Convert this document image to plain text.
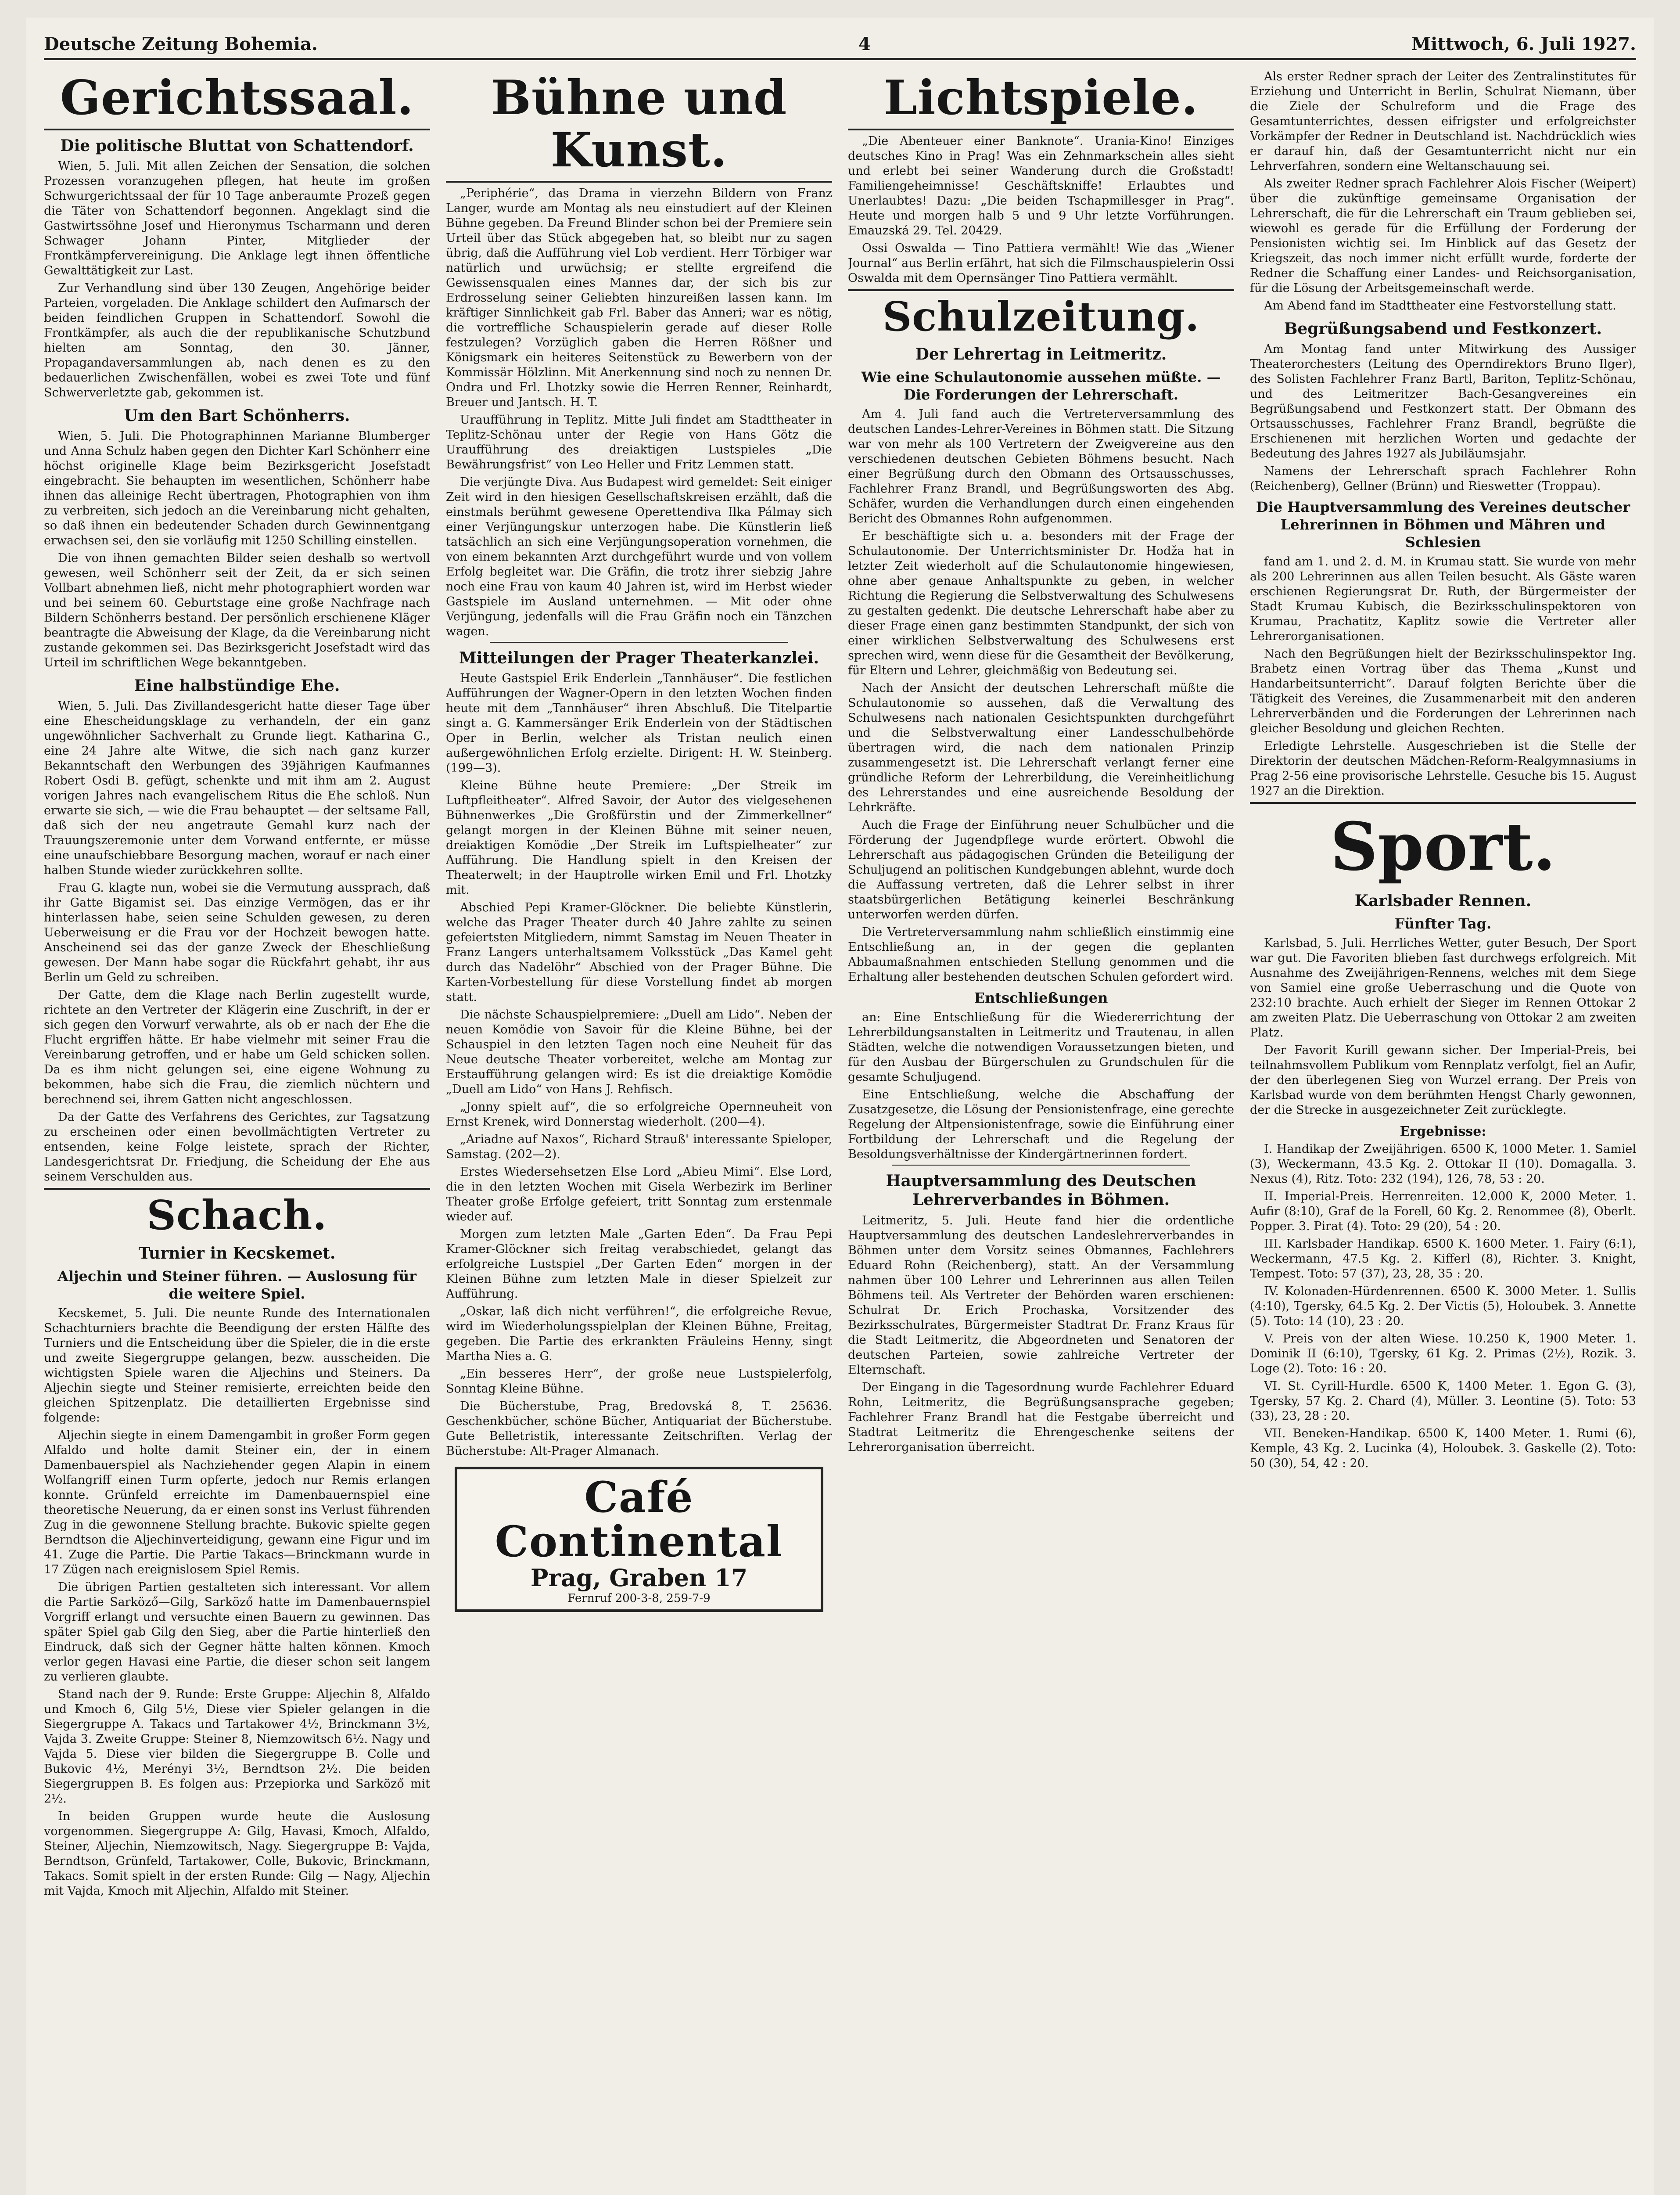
Deutsche Zeitung Bohemia.	4	Mittwoch, 6. Juli 1927.
Gerichtssaal.
Die politische Bluttat von Schattendorf.

Wien, 5. Juli. Mit allen Zeichen der Sensation, die solchen Prozessen voranzugehen pflegen, hat heute im großen Schwurgerichtssaal der für 10 Tage anberaumte Prozeß gegen die Täter von Schattendorf begonnen. Angeklagt sind die Gastwirtssöhne Josef und Hieronymus Tscharmann und deren Schwager Johann Pinter, Mitglieder der Frontkämpfervereinigung. Die Anklage legt ihnen öffentliche Gewalttätigkeit zur Last.

Zur Verhandlung sind über 130 Zeugen, Angehörige beider Parteien, vorgeladen. Die Anklage schildert den Aufmarsch der beiden feindlichen Gruppen in Schattendorf. Sowohl die Frontkämpfer, als auch die der republikanische Schutzbund hielten am Sonntag, den 30. Jänner, Propagandaversammlungen ab, nach denen es zu den bedauerlichen Zwischenfällen, wobei es zwei Tote und fünf Schwerverletzte gab, gekommen ist.

Um den Bart Schönherrs.

Wien, 5. Juli. Die Photographinnen Marianne Blumberger und Anna Schulz haben gegen den Dichter Karl Schönherr eine höchst originelle Klage beim Bezirksgericht Josefstadt eingebracht. Sie behaupten im wesentlichen, Schönherr habe ihnen das alleinige Recht übertragen, Photographien von ihm zu verbreiten, sich jedoch an die Vereinbarung nicht gehalten, so daß ihnen ein bedeutender Schaden durch Gewinnentgang erwachsen sei, den sie vorläufig mit 1250 Schilling einstellen.

Die von ihnen gemachten Bilder seien deshalb so wertvoll gewesen, weil Schönherr seit der Zeit, da er sich seinen Vollbart abnehmen ließ, nicht mehr photographiert worden war und bei seinem 60. Geburtstage eine große Nachfrage nach Bildern Schönherrs bestand. Der persönlich erschienene Kläger beantragte die Abweisung der Klage, da die Vereinbarung nicht zustande gekommen sei. Das Bezirksgericht Josefstadt wird das Urteil im schriftlichen Wege bekanntgeben.

Eine halbstündige Ehe.

Wien, 5. Juli. Das Zivillandesgericht hatte dieser Tage über eine Ehescheidungsklage zu verhandeln, der ein ganz ungewöhnlicher Sachverhalt zu Grunde liegt. Katharina G., eine 24 Jahre alte Witwe, die sich nach ganz kurzer Bekanntschaft den Werbungen des 39jährigen Kaufmannes Robert Osdi B. gefügt, schenkte und mit ihm am 2. August vorigen Jahres nach evangelischem Ritus die Ehe schloß. Nun erwarte sie sich, — wie die Frau behauptet — der seltsame Fall, daß sich der neu angetraute Gemahl kurz nach der Trauungszeremonie unter dem Vorwand entfernte, er müsse eine unaufschiebbare Besorgung machen, worauf er nach einer halben Stunde wieder zurückkehren sollte.

Frau G. klagte nun, wobei sie die Vermutung aussprach, daß ihr Gatte Bigamist sei. Das einzige Vermögen, das er ihr hinterlassen habe, seien seine Schulden gewesen, zu deren Ueberweisung er die Frau vor der Hochzeit bewogen hatte. Anscheinend sei das der ganze Zweck der Eheschließung gewesen. Der Mann habe sogar die Rückfahrt gehabt, ihr aus Berlin um Geld zu schreiben.

Der Gatte, dem die Klage nach Berlin zugestellt wurde, richtete an den Vertreter der Klägerin eine Zuschrift, in der er sich gegen den Vorwurf verwahrte, als ob er nach der Ehe die Flucht ergriffen hätte. Er habe vielmehr mit seiner Frau die Vereinbarung getroffen, und er habe um Geld schicken sollen. Da es ihm nicht gelungen sei, eine eigene Wohnung zu bekommen, habe sich die Frau, die ziemlich nüchtern und berechnend sei, ihrem Gatten nicht angeschlossen.

Da der Gatte des Verfahrens des Gerichtes, zur Tagsatzung zu erscheinen oder einen bevollmächtigten Vertreter zu entsenden, keine Folge leistete, sprach der Richter, Landesgerichtsrat Dr. Friedjung, die Scheidung der Ehe aus seinem Verschulden aus.

Schach.
Turnier in Kecskemet.
Aljechin und Steiner führen. — Auslosung für die weitere Spiel.

Kecskemet, 5. Juli. Die neunte Runde des Internationalen Schachturniers brachte die Beendigung der ersten Hälfte des Turniers und die Entscheidung über die Spieler, die in die erste und zweite Siegergruppe gelangen, bezw. ausscheiden. Die wichtigsten Spiele waren die Aljechins und Steiners. Da Aljechin siegte und Steiner remisierte, erreichten beide den gleichen Spitzenplatz. Die detaillierten Ergebnisse sind folgende:

Aljechin siegte in einem Damengambit in großer Form gegen Alfaldo und holte damit Steiner ein, der in einem Damenbauerspiel als Nachziehender gegen Alapin in einem Wolfangriff einen Turm opferte, jedoch nur Remis erlangen konnte. Grünfeld erreichte im Damenbauernspiel eine theoretische Neuerung, da er einen sonst ins Verlust führenden Zug in die gewonnene Stellung brachte. Bukovic spielte gegen Berndtson die Aljechinverteidigung, gewann eine Figur und im 41. Zuge die Partie. Die Partie Takacs—Brinckmann wurde in 17 Zügen nach ereignislosem Spiel Remis.

Die übrigen Partien gestalteten sich interessant. Vor allem die Partie Sarköző—Gilg, Sarköző hatte im Damenbauernspiel Vorgriff erlangt und versuchte einen Bauern zu gewinnen. Das später Spiel gab Gilg den Sieg, aber die Partie hinterließ den Eindruck, daß sich der Gegner hätte halten können. Kmoch verlor gegen Havasi eine Partie, die dieser schon seit langem zu verlieren glaubte.

Stand nach der 9. Runde: Erste Gruppe: Aljechin 8, Alfaldo und Kmoch 6, Gilg 5½, Diese vier Spieler gelangen in die Siegergruppe A. Takacs und Tartakower 4½, Brinckmann 3½, Vajda 3. Zweite Gruppe: Steiner 8, Niemzowitsch 6½. Nagy und Vajda 5. Diese vier bilden die Siegergruppe B. Colle und Bukovic 4½, Merényi 3½, Berndtson 2½. Die beiden Siegergruppen B. Es folgen aus: Przepiorka und Sarköző mit 2½.

In beiden Gruppen wurde heute die Auslosung vorgenommen. Siegergruppe A: Gilg, Havasi, Kmoch, Alfaldo, Steiner, Aljechin, Niemzowitsch, Nagy. Siegergruppe B: Vajda, Berndtson, Grünfeld, Tartakower, Colle, Bukovic, Brinckmann, Takacs. Somit spielt in der ersten Runde: Gilg — Nagy, Aljechin mit Vajda, Kmoch mit Aljechin, Alfaldo mit Steiner.

Bühne und Kunst.

„Periphérie“, das Drama in vierzehn Bildern von Franz Langer, wurde am Montag als neu einstudiert auf der Kleinen Bühne gegeben. Da Freund Blinder schon bei der Premiere sein Urteil über das Stück abgegeben hat, so bleibt nur zu sagen übrig, daß die Aufführung viel Lob verdient. Herr Törbiger war natürlich und urwüchsig; er stellte ergreifend die Gewissensqualen eines Mannes dar, der sich bis zur Erdrosselung seiner Geliebten hinzureißen lassen kann. Im kräftiger Sinnlichkeit gab Frl. Baber das Anneri; war es nötig, die vortreffliche Schauspielerin gerade auf dieser Rolle festzulegen? Vorzüglich gaben die Herren Rößner und Königsmark ein heiteres Seitenstück zu Bewerbern von der Kommissär Hölzlinn. Mit Anerkennung sind noch zu nennen Dr. Ondra und Frl. Lhotzky sowie die Herren Renner, Reinhardt, Breuer und Jantsch. H. T.

Uraufführung in Teplitz. Mitte Juli findet am Stadttheater in Teplitz-Schönau unter der Regie von Hans Götz die Uraufführung des dreiaktigen Lustspieles „Die Bewährungsfrist“ von Leo Heller und Fritz Lemmen statt.

Die verjüngte Diva. Aus Budapest wird gemeldet: Seit einiger Zeit wird in den hiesigen Gesellschaftskreisen erzählt, daß die einstmals berühmt gewesene Operettendiva Ilka Pálmay sich einer Verjüngungskur unterzogen habe. Die Künstlerin ließ tatsächlich an sich eine Verjüngungsoperation vornehmen, die von einem bekannten Arzt durchgeführt wurde und von vollem Erfolg begleitet war. Die Gräfin, die trotz ihrer siebzig Jahre noch eine Frau von kaum 40 Jahren ist, wird im Herbst wieder Gastspiele im Ausland unternehmen. — Mit oder ohne Verjüngung, jedenfalls will die Frau Gräfin noch ein Tänzchen wagen.

Mitteilungen der Prager Theaterkanzlei.

Heute Gastspiel Erik Enderlein „Tannhäuser“. Die festlichen Aufführungen der Wagner-Opern in den letzten Wochen finden heute mit dem „Tannhäuser“ ihren Abschluß. Die Titelpartie singt a. G. Kammersänger Erik Enderlein von der Städtischen Oper in Berlin, welcher als Tristan neulich einen außergewöhnlichen Erfolg erzielte. Dirigent: H. W. Steinberg. (199—3).

Kleine Bühne heute Premiere: „Der Streik im Luftpfleitheater“. Alfred Savoir, der Autor des vielgesehenen Bühnenwerkes „Die Großfürstin und der Zimmerkellner“ gelangt morgen in der Kleinen Bühne mit seiner neuen, dreiaktigen Komödie „Der Streik im Luftspielheater“ zur Aufführung. Die Handlung spielt in den Kreisen der Theaterwelt; in der Hauptrolle wirken Emil und Frl. Lhotzky mit.

Abschied Pepi Kramer-Glöckner. Die beliebte Künstlerin, welche das Prager Theater durch 40 Jahre zahlte zu seinen gefeiertsten Mitgliedern, nimmt Samstag im Neuen Theater in Franz Langers unterhaltsamem Volksstück „Das Kamel geht durch das Nadelöhr“ Abschied von der Prager Bühne. Die Karten-Vorbestellung für diese Vorstellung findet ab morgen statt.

Die nächste Schauspielpremiere: „Duell am Lido“. Neben der neuen Komödie von Savoir für die Kleine Bühne, bei der Schauspiel in den letzten Tagen noch eine Neuheit für das Neue deutsche Theater vorbereitet, welche am Montag zur Erstaufführung gelangen wird: Es ist die dreiaktige Komödie „Duell am Lido“ von Hans J. Rehfisch.

„Jonny spielt auf“, die so erfolgreiche Opernneuheit von Ernst Krenek, wird Donnerstag wiederholt. (200—4).

„Ariadne auf Naxos“, Richard Strauß' interessante Spieloper, Samstag. (202—2).

Erstes Wiedersehsetzen Else Lord „Abieu Mimi“. Else Lord, die in den letzten Wochen mit Gisela Werbezirk im Berliner Theater große Erfolge gefeiert, tritt Sonntag zum erstenmale wieder auf.

Morgen zum letzten Male „Garten Eden“. Da Frau Pepi Kramer-Glöckner sich freitag verabschiedet, gelangt das erfolgreiche Lustspiel „Der Garten Eden“ morgen in der Kleinen Bühne zum letzten Male in dieser Spielzeit zur Aufführung.

„Oskar, laß dich nicht verführen!“, die erfolgreiche Revue, wird im Wiederholungsspielplan der Kleinen Bühne, Freitag, gegeben. Die Partie des erkrankten Fräuleins Henny, singt Martha Nies a. G.

„Ein besseres Herr“, der große neue Lustspielerfolg, Sonntag Kleine Bühne.

Die Bücherstube, Prag, Bredovská 8, T. 25636. Geschenkbücher, schöne Bücher, Antiquariat der Bücherstube. Gute Belletristik, interessante Zeitschriften. Verlag der Bücherstube: Alt-Prager Almanach.

Café Continental
Prag, Graben 17
Fernruf 200-3-8, 259-7-9
Lichtspiele.

„Die Abenteuer einer Banknote“. Urania-Kino! Einziges deutsches Kino in Prag! Was ein Zehnmarkschein alles sieht und erlebt bei seiner Wanderung durch die Großstadt! Familiengeheimnisse! Geschäftskniffe! Erlaubtes und Unerlaubtes! Dazu: „Die beiden Tschapmillesger in Prag“. Heute und morgen halb 5 und 9 Uhr letzte Vorführungen. Emauzská 29. Tel. 20429.

Ossi Oswalda — Tino Pattiera vermählt! Wie das „Wiener Journal“ aus Berlin erfährt, hat sich die Filmschauspielerin Ossi Oswalda mit dem Opernsänger Tino Pattiera vermählt.

Schulzeitung.
Der Lehrertag in Leitmeritz.
Wie eine Schulautonomie aussehen müßte. — Die Forderungen der Lehrerschaft.

Am 4. Juli fand auch die Vertreterversammlung des deutschen Landes-Lehrer-Vereines in Böhmen statt. Die Sitzung war von mehr als 100 Vertretern der Zweigvereine aus den verschiedenen deutschen Gebieten Böhmens besucht. Nach einer Begrüßung durch den Obmann des Ortsausschusses, Fachlehrer Franz Brandl, und Begrüßungsworten des Abg. Schäfer, wurden die Verhandlungen durch einen eingehenden Bericht des Obmannes Rohn aufgenommen.

Er beschäftigte sich u. a. besonders mit der Frage der Schulautonomie. Der Unterrichtsminister Dr. Hodža hat in letzter Zeit wiederholt auf die Schulautonomie hingewiesen, ohne aber genaue Anhaltspunkte zu geben, in welcher Richtung die Regierung die Selbstverwaltung des Schulwesens zu gestalten gedenkt. Die deutsche Lehrerschaft habe aber zu dieser Frage einen ganz bestimmten Standpunkt, der sich von einer wirklichen Selbstverwaltung des Schulwesens erst sprechen wird, wenn diese für die Gesamtheit der Bevölkerung, für Eltern und Lehrer, gleichmäßig von Bedeutung sei.

Nach der Ansicht der deutschen Lehrerschaft müßte die Schulautonomie so aussehen, daß die Verwaltung des Schulwesens nach nationalen Gesichtspunkten durchgeführt und die Selbstverwaltung einer Landesschulbehörde übertragen wird, die nach dem nationalen Prinzip zusammengesetzt ist. Die Lehrerschaft verlangt ferner eine gründliche Reform der Lehrerbildung, die Vereinheitlichung des Lehrerstandes und eine ausreichende Besoldung der Lehrkräfte.

Auch die Frage der Einführung neuer Schulbücher und die Förderung der Jugendpflege wurde erörtert. Obwohl die Lehrerschaft aus pädagogischen Gründen die Beteiligung der Schuljugend an politischen Kundgebungen ablehnt, wurde doch die Auffassung vertreten, daß die Lehrer selbst in ihrer staatsbürgerlichen Betätigung keinerlei Beschränkung unterworfen werden dürfen.

Die Vertreterversammlung nahm schließlich einstimmig eine Entschließung an, in der gegen die geplanten Abbaumaßnahmen entschieden Stellung genommen und die Erhaltung aller bestehenden deutschen Schulen gefordert wird.

Entschließungen

an: Eine Entschließung für die Wiedererrichtung der Lehrerbildungsanstalten in Leitmeritz und Trautenau, in allen Städten, welche die notwendigen Voraussetzungen bieten, und für den Ausbau der Bürgerschulen zu Grundschulen für die gesamte Schuljugend.

Eine Entschließung, welche die Abschaffung der Zusatzgesetze, die Lösung der Pensionistenfrage, eine gerechte Regelung der Altpensionistenfrage, sowie die Einführung einer Fortbildung der Lehrerschaft und die Regelung der Besoldungsverhältnisse der Kindergärtnerinnen fordert.

Hauptversammlung des Deutschen Lehrerverbandes in Böhmen.

Leitmeritz, 5. Juli. Heute fand hier die ordentliche Hauptversammlung des deutschen Landeslehrerverbandes in Böhmen unter dem Vorsitz seines Obmannes, Fachlehrers Eduard Rohn (Reichenberg), statt. An der Versammlung nahmen über 100 Lehrer und Lehrerinnen aus allen Teilen Böhmens teil. Als Vertreter der Behörden waren erschienen: Schulrat Dr. Erich Prochaska, Vorsitzender des Bezirksschulrates, Bürgermeister Stadtrat Dr. Franz Kraus für die Stadt Leitmeritz, die Abgeordneten und Senatoren der deutschen Parteien, sowie zahlreiche Vertreter der Elternschaft.

Der Eingang in die Tagesordnung wurde Fachlehrer Eduard Rohn, Leitmeritz, die Begrüßungsansprache gegeben; Fachlehrer Franz Brandl hat die Festgabe überreicht und Stadtrat Leitmeritz die Ehrengeschenke seitens der Lehrerorganisation überreicht.

Als erster Redner sprach der Leiter des Zentralinstitutes für Erziehung und Unterricht in Berlin, Schulrat Niemann, über die Ziele der Schulreform und die Frage des Gesamtunterrichtes, dessen eifrigster und erfolgreichster Vorkämpfer der Redner in Deutschland ist. Nachdrücklich wies er darauf hin, daß der Gesamtunterricht nicht nur ein Lehrverfahren, sondern eine Weltanschauung sei.

Als zweiter Redner sprach Fachlehrer Alois Fischer (Weipert) über die zukünftige gemeinsame Organisation der Lehrerschaft, die für die Lehrerschaft ein Traum geblieben sei, wiewohl es gerade für die Erfüllung der Forderung der Pensionisten wichtig sei. Im Hinblick auf das Gesetz der Kriegszeit, das noch immer nicht erfüllt wurde, forderte der Redner die Schaffung einer Landes- und Reichsorganisation, für die Lösung der Arbeitsgemeinschaft werde.

Am Abend fand im Stadttheater eine Festvorstellung statt.

Begrüßungsabend und Festkonzert.

Am Montag fand unter Mitwirkung des Aussiger Theaterorchesters (Leitung des Operndirektors Bruno Ilger), des Solisten Fachlehrer Franz Bartl, Bariton, Teplitz-Schönau, und des Leitmeritzer Bach-Gesangvereines ein Begrüßungsabend und Festkonzert statt. Der Obmann des Ortsausschusses, Fachlehrer Franz Brandl, begrüßte die Erschienenen mit herzlichen Worten und gedachte der Bedeutung des Jahres 1927 als Jubiläumsjahr.

Namens der Lehrerschaft sprach Fachlehrer Rohn (Reichenberg), Gellner (Brünn) und Rieswetter (Troppau).

Die Hauptversammlung des Vereines deutscher Lehrerinnen in Böhmen und Mähren und Schlesien

fand am 1. und 2. d. M. in Krumau statt. Sie wurde von mehr als 200 Lehrerinnen aus allen Teilen besucht. Als Gäste waren erschienen Regierungsrat Dr. Ruth, der Bürgermeister der Stadt Krumau Kubisch, die Bezirksschulinspektoren von Krumau, Prachatitz, Kaplitz sowie die Vertreter aller Lehrerorganisationen.

Nach den Begrüßungen hielt der Bezirksschulinspektor Ing. Brabetz einen Vortrag über das Thema „Kunst und Handarbeitsunterricht“. Darauf folgten Berichte über die Tätigkeit des Vereines, die Zusammenarbeit mit den anderen Lehrerverbänden und die Forderungen der Lehrerinnen nach gleicher Besoldung und gleichen Rechten.

Erledigte Lehrstelle. Ausgeschrieben ist die Stelle der Direktorin der deutschen Mädchen-Reform-Realgymnasiums in Prag 2-56 eine provisorische Lehrstelle. Gesuche bis 15. August 1927 an die Direktion.

Sport.
Karlsbader Rennen.
Fünfter Tag.

Karlsbad, 5. Juli. Herrliches Wetter, guter Besuch, Der Sport war gut. Die Favoriten blieben fast durchwegs erfolgreich. Mit Ausnahme des Zweijährigen-Rennens, welches mit dem Siege von Samiel eine große Ueberraschung und die Quote von 232:10 brachte. Auch erhielt der Sieger im Rennen Ottokar 2 am zweiten Platz. Die Ueberraschung von Ottokar 2 am zweiten Platz.

Der Favorit Kurill gewann sicher. Der Imperial-Preis, bei teilnahmsvollem Publikum vom Rennplatz verfolgt, fiel an Aufir, der den überlegenen Sieg von Wurzel errang. Der Preis von Karlsbad wurde von dem berühmten Hengst Charly gewonnen, der die Strecke in ausgezeichneter Zeit zurücklegte.

Ergebnisse:

I. Handikap der Zweijährigen. 6500 K, 1000 Meter. 1. Samiel (3), Weckermann, 43.5 Kg. 2. Ottokar II (10). Domagalla. 3. Nexus (4), Ritz. Toto: 232 (194), 126, 78, 53 : 20.

II. Imperial-Preis. Herrenreiten. 12.000 K, 2000 Meter. 1. Aufir (8:10), Graf de la Forell, 60 Kg. 2. Renommee (8), Oberlt. Popper. 3. Pirat (4). Toto: 29 (20), 54 : 20.

III. Karlsbader Handikap. 6500 K. 1600 Meter. 1. Fairy (6:1), Weckermann, 47.5 Kg. 2. Kifferl (8), Richter. 3. Knight, Tempest. Toto: 57 (37), 23, 28, 35 : 20.

IV. Kolonaden-Hürdenrennen. 6500 K. 3000 Meter. 1. Sullis (4:10), Tgersky, 64.5 Kg. 2. Der Victis (5), Holoubek. 3. Annette (5). Toto: 14 (10), 23 : 20.

V. Preis von der alten Wiese. 10.250 K, 1900 Meter. 1. Dominik II (6:10), Tgersky, 61 Kg. 2. Primas (2½), Rozik. 3. Loge (2). Toto: 16 : 20.

VI. St. Cyrill-Hurdle. 6500 K, 1400 Meter. 1. Egon G. (3), Tgersky, 57 Kg. 2. Chard (4), Müller. 3. Leontine (5). Toto: 53 (33), 23, 28 : 20.

VII. Beneken-Handikap. 6500 K, 1400 Meter. 1. Rumi (6), Kemple, 43 Kg. 2. Lucinka (4), Holoubek. 3. Gaskelle (2). Toto: 50 (30), 54, 42 : 20.
